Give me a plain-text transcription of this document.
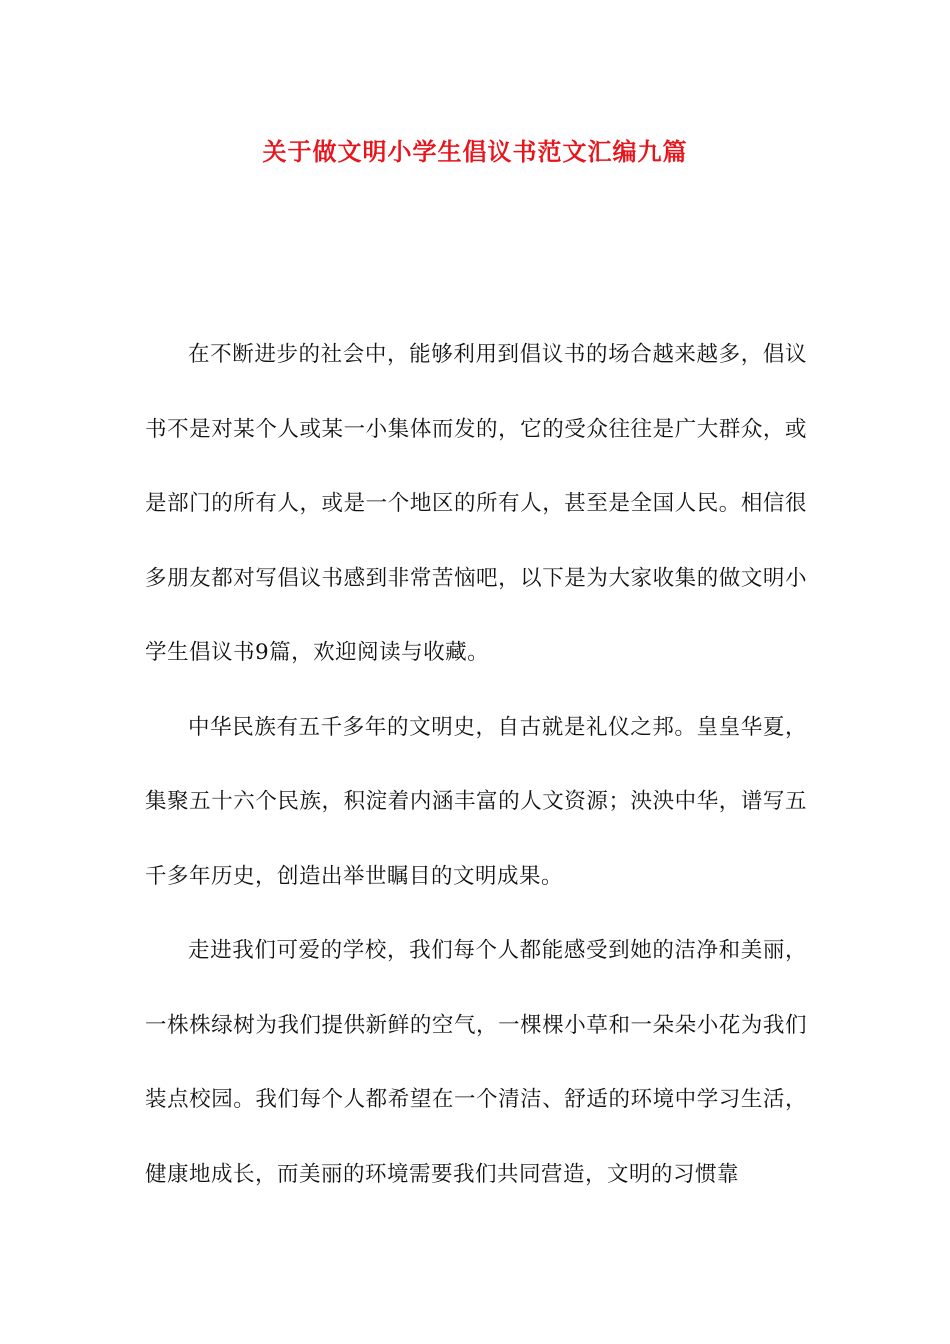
关于做文明小学生倡议书范文汇编九篇

在不断进步的社会中，能够利用到倡议书的场合越来越多，倡议书不是对某个人或某一小集体而发的，它的受众往往是广大群众，或是部门的所有人，或是一个地区的所有人，甚至是全国人民。相信很多朋友都对写倡议书感到非常苦恼吧，以下是为大家收集的做文明小学生倡议书9篇，欢迎阅读与收藏。

中华民族有五千多年的文明史，自古就是礼仪之邦。皇皇华夏，集聚五十六个民族，积淀着内涵丰富的人文资源；泱泱中华，谱写五千多年历史，创造出举世瞩目的文明成果。

走进我们可爱的学校，我们每个人都能感受到她的洁净和美丽，一株株绿树为我们提供新鲜的空气，一棵棵小草和一朵朵小花为我们装点校园。我们每个人都希望在一个清洁、舒适的环境中学习生活，健康地成长，而美丽的环境需要我们共同营造，文明的习惯靠
